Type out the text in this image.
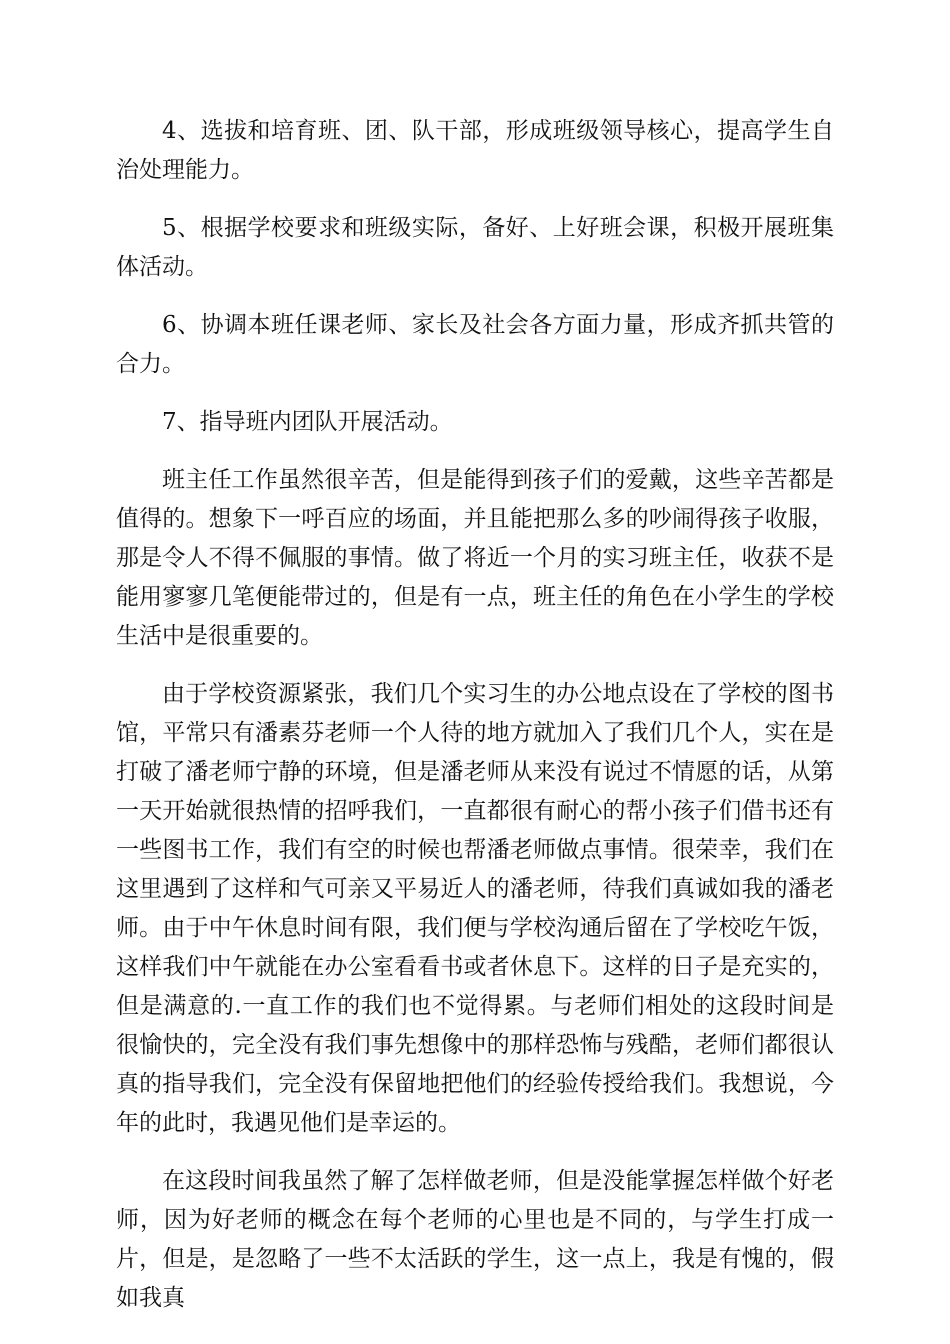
4、选拔和培育班、团、队干部，形成班级领导核心，提高学生自治处理能力。

5、根据学校要求和班级实际，备好、上好班会课，积极开展班集体活动。

6、协调本班任课老师、家长及社会各方面力量，形成齐抓共管的合力。

7、指导班内团队开展活动。

班主任工作虽然很辛苦，但是能得到孩子们的爱戴，这些辛苦都是值得的。想象下一呼百应的场面，并且能把那么多的吵闹得孩子收服，那是令人不得不佩服的事情。做了将近一个月的实习班主任，收获不是能用寥寥几笔便能带过的，但是有一点，班主任的角色在小学生的学校生活中是很重要的。

由于学校资源紧张，我们几个实习生的办公地点设在了学校的图书馆，平常只有潘素芬老师一个人待的地方就加入了我们几个人，实在是打破了潘老师宁静的环境，但是潘老师从来没有说过不情愿的话，从第一天开始就很热情的招呼我们，一直都很有耐心的帮小孩子们借书还有一些图书工作，我们有空的时候也帮潘老师做点事情。很荣幸，我们在这里遇到了这样和气可亲又平易近人的潘老师，待我们真诚如我的潘老师。由于中午休息时间有限，我们便与学校沟通后留在了学校吃午饭，这样我们中午就能在办公室看看书或者休息下。这样的日子是充实的，但是满意的.一直工作的我们也不觉得累。与老师们相处的这段时间是很愉快的，完全没有我们事先想像中的那样恐怖与残酷，老师们都很认真的指导我们，完全没有保留地把他们的经验传授给我们。我想说，今年的此时，我遇见他们是幸运的。

在这段时间我虽然了解了怎样做老师，但是没能掌握怎样做个好老师，因为好老师的概念在每个老师的心里也是不同的，与学生打成一片，但是，是忽略了一些不太活跃的学生，这一点上，我是有愧的，假如我真
